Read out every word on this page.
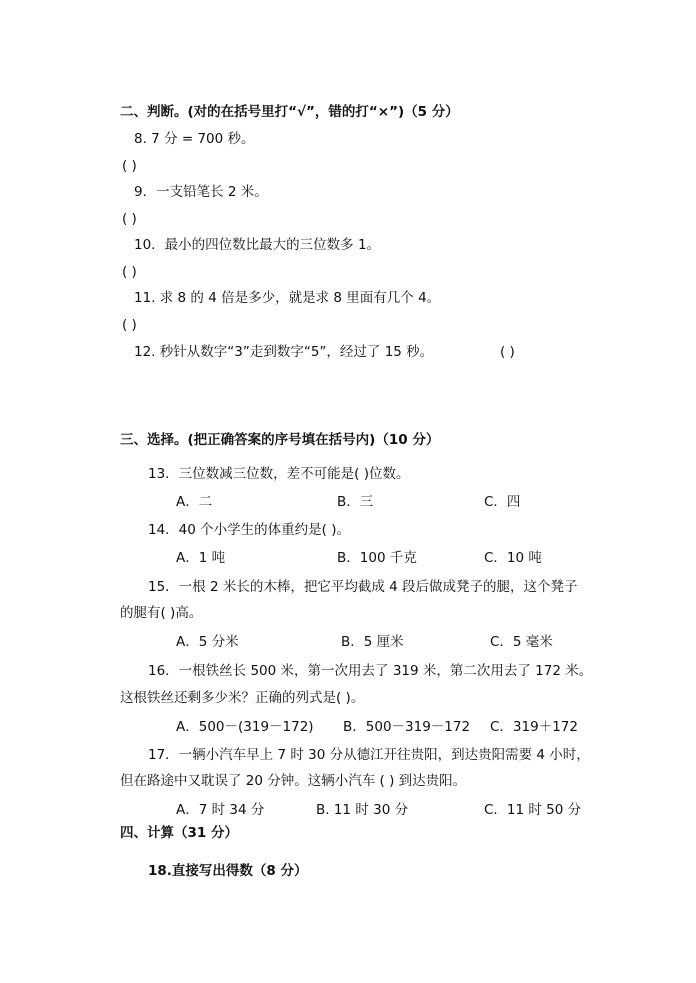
二、判断。(对的在括号里打“√”，错的打“×”)（5 分）
8. 7 分 = 700 秒。
( )
9．一支铅笔长 2 米。
( )
10．最小的四位数比最大的三位数多 1。
( )
11. 求 8 的 4 倍是多少，就是求 8 里面有几个 4。
( )
12. 秒针从数字“3”走到数字“5”，经过了 15 秒。	( )
三、选择。(把正确答案的序号填在括号内)（10 分）
13．三位数减三位数，差不可能是( )位数。
A．二	B．三	C．四
14．40 个小学生的体重约是( )。
A．1 吨	B．100 千克	C．10 吨
15．一根 2 米长的木棒，把它平均截成 4 段后做成凳子的腿，这个凳子
的腿有( )高。
A．5 分米	B．5 厘米	C．5 毫米
16．一根铁丝长 500 米，第一次用去了 319 米，第二次用去了 172 米。
这根铁丝还剩多少米？正确的列式是( )。
A．500－(319－172) B．500－319－172 C．319＋172
17．一辆小汽车早上 7 时 30 分从德江开往贵阳，到达贵阳需要 4 小时，
但在路途中又耽误了 20 分钟。这辆小汽车 ( ) 到达贵阳。
A．7 时 34 分	B. 11 时 30 分	C．11 时 50 分
四、计算（31 分）
18.直接写出得数（8 分）
